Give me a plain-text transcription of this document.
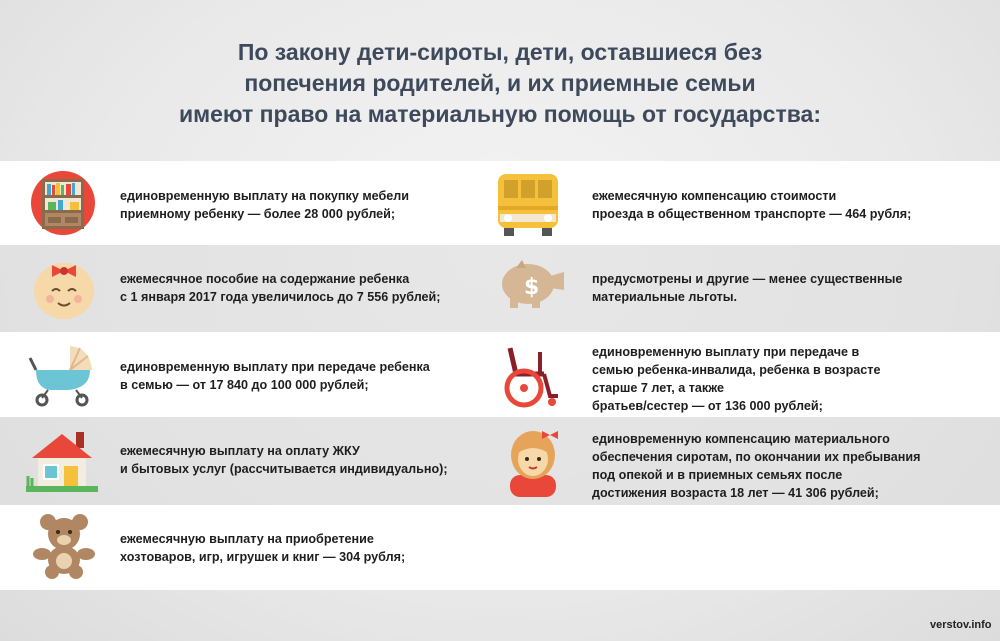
По закону дети-сироты, дети, оставшиеся без
попечения родителей, и их приемные семьи
имеют право на материальную помощь от государства:
единовременную выплату на покупку мебели
приемному ребенку — более 28 000 рублей;
ежемесячное пособие на содержание ребенка
с 1 января 2017 года увеличилось до 7 556 рублей;
единовременную выплату при передаче ребенка
в семью — от 17 840 до 100 000 рублей;
ежемесячную выплату на оплату ЖКУ
и бытовых услуг (рассчитывается индивидуально);
ежемесячную выплату на приобретение
хозтоваров, игр, игрушек и книг — 304 рубля;
ежемесячную компенсацию стоимости
проезда в общественном транспорте — 464 рубля;
$	предусмотрены и другие — менее существенные
материальные льготы.
единовременную выплату при передаче в
семью ребенка-инвалида, ребенка в возрасте
старше 7 лет, а также
братьев/сестер — от 136 000 рублей;
единовременную компенсацию материального
обеспечения сиротам, по окончании их пребывания
под опекой и в приемных семьях после
достижения возраста 18 лет — 41 306 рублей;
verstov.info
